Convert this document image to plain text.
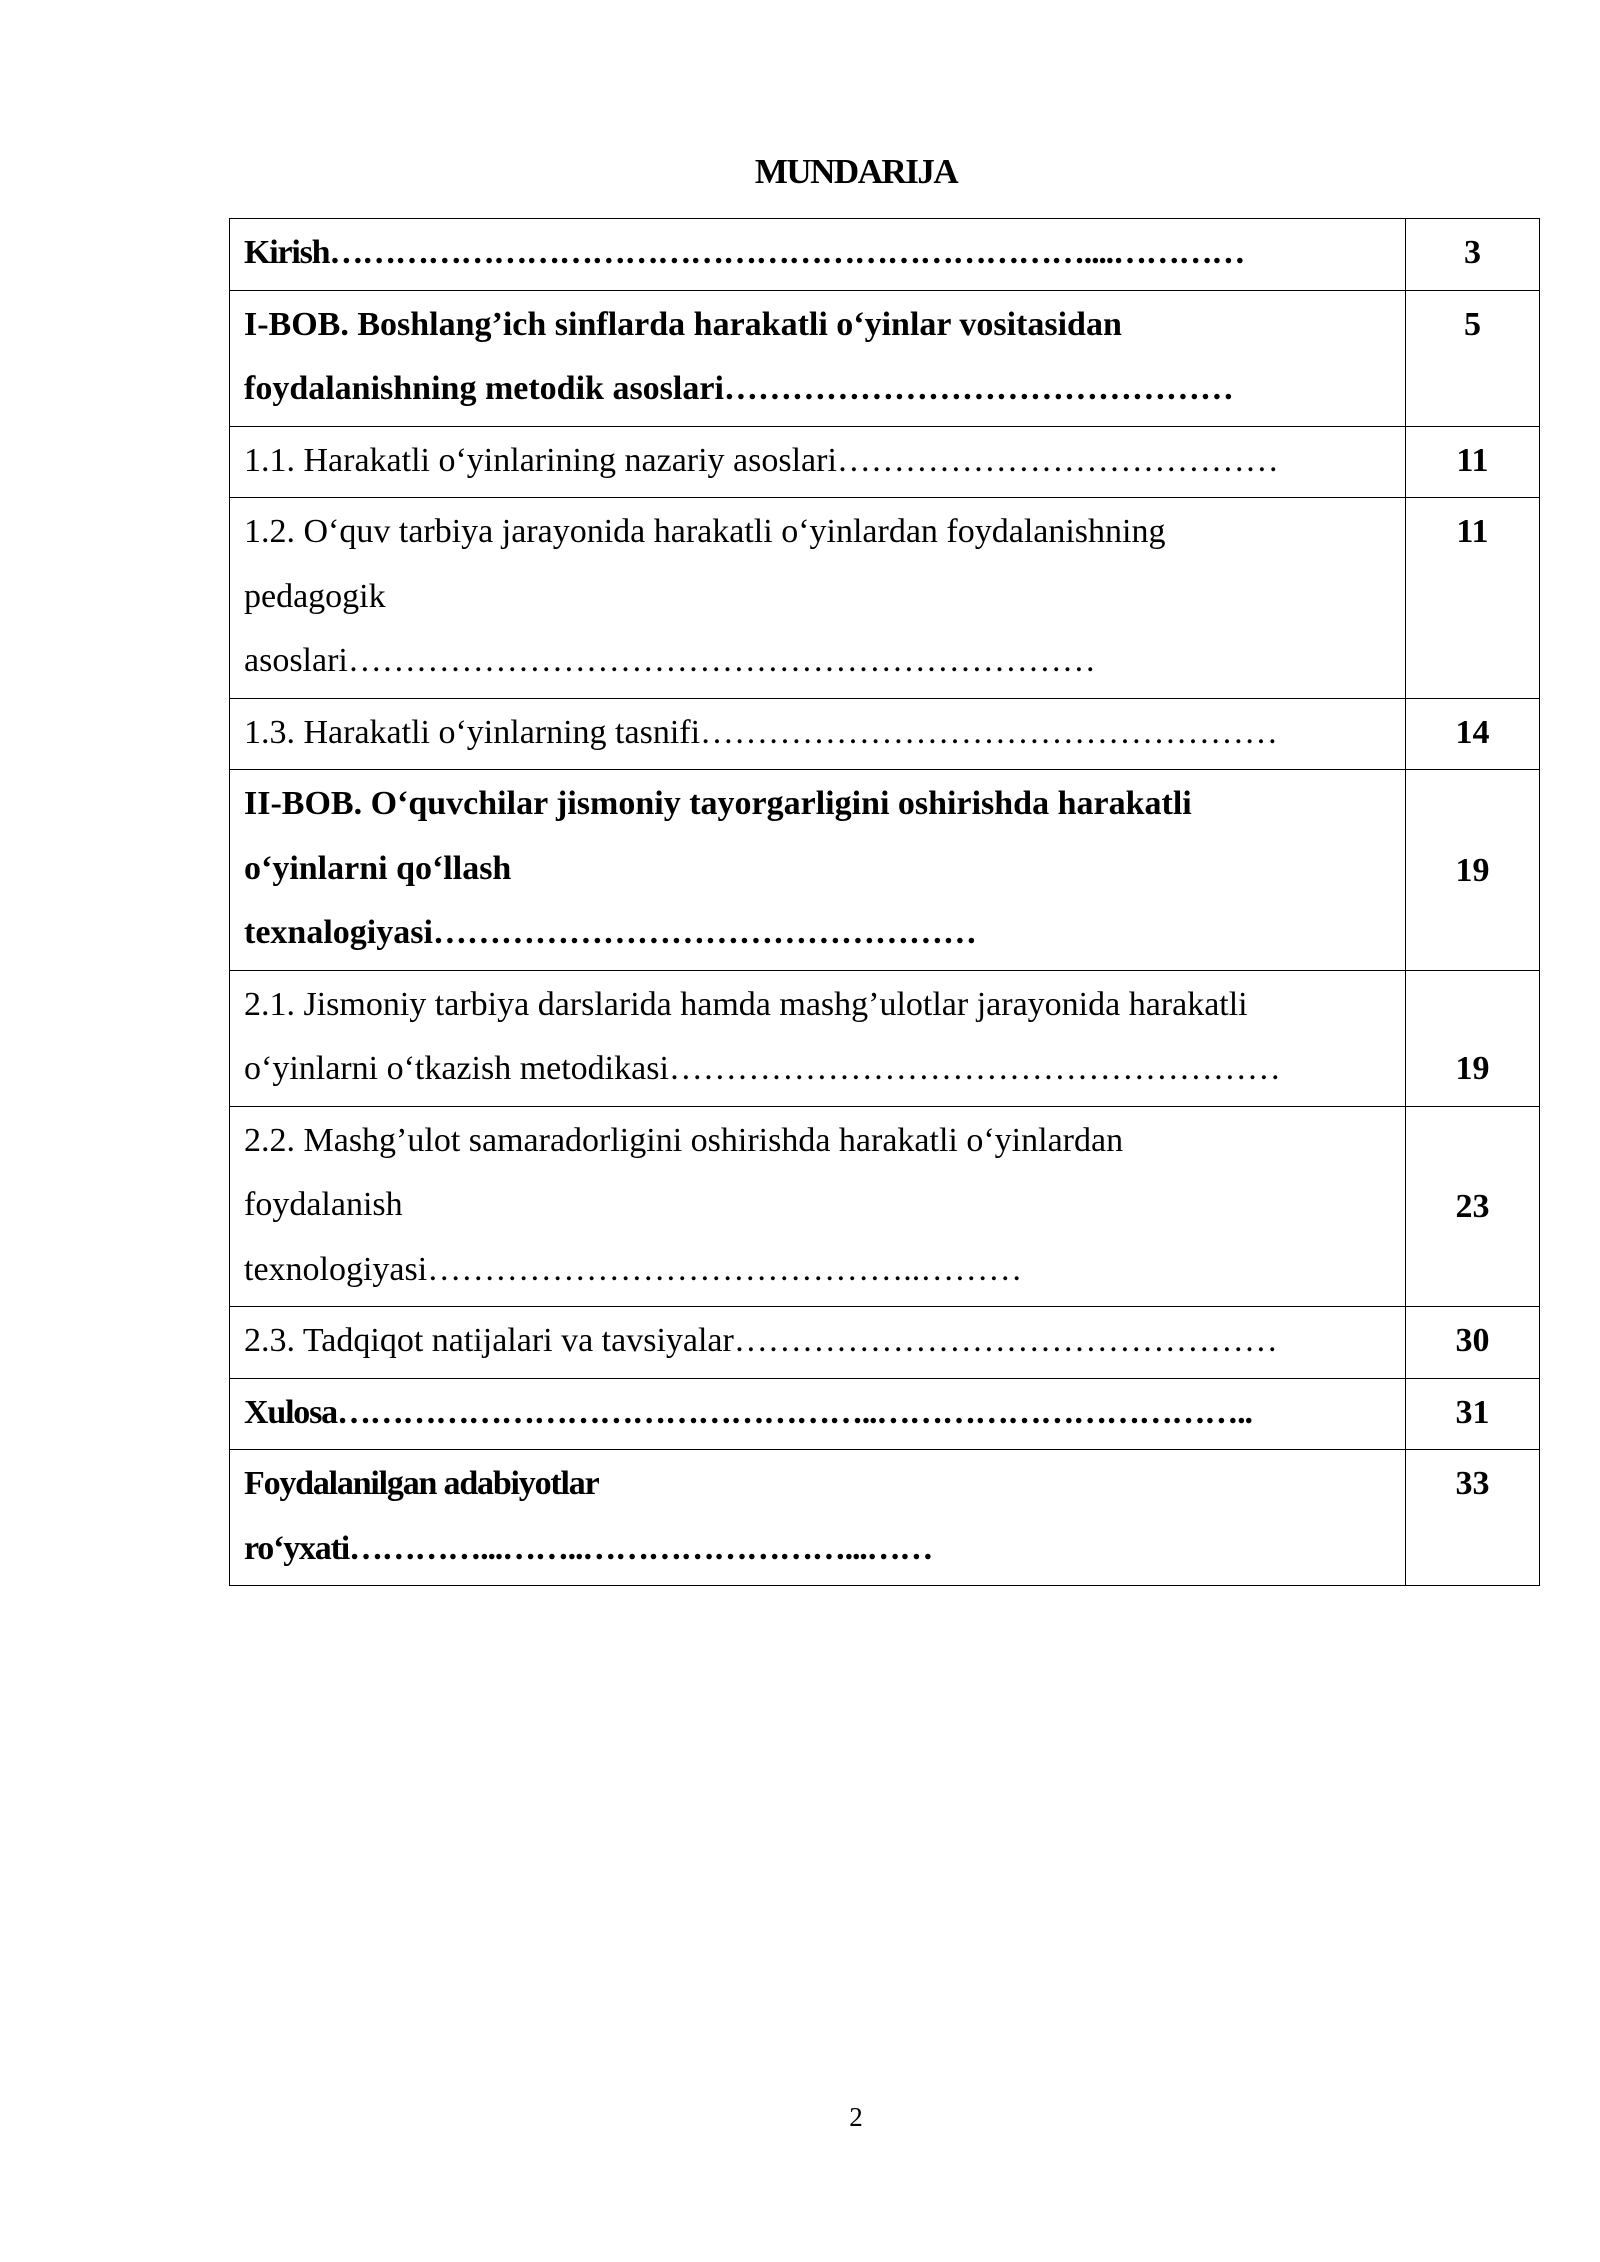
MUNDARIJA
Kirish……………………………………………………………....…………	3
I-BOB. Boshlang’ich sinflarda harakatli o‘yinlar vositasidan
foydalanishning metodik asoslari………………………………………	5
1.1. Harakatli o‘yinlarining nazariy asoslari…………………………………	11
1.2. O‘quv tarbiya jarayonida harakatli o‘yinlardan foydalanishning
pedagogik
asoslari…………………………………………………………	11
1.3. Harakatli o‘yinlarning tasnifi……………………………………………	14
II-BOB. O‘quvchilar jismoniy tayorgarligini oshirishda harakatli
o‘yinlarni qo‘llash
texnalogiyasi…………………………………………	19
2.1. Jismoniy tarbiya darslarida hamda mashg’ulotlar jarayonida harakatli
o‘yinlarni o‘tkazish metodikasi………………………………………………	19
2.2. Mashg’ulot samaradorligini oshirishda harakatli o‘yinlardan
foydalanish
texnologiyasi……………………………………..………	23
2.3. Tadqiqot natijalari va tavsiyalar…………………………………………	30
Xulosa…………………………………………..……………………………..	31
Foydalanilgan adabiyotlar
ro‘yxati…………...……..……………………...……	33
2
